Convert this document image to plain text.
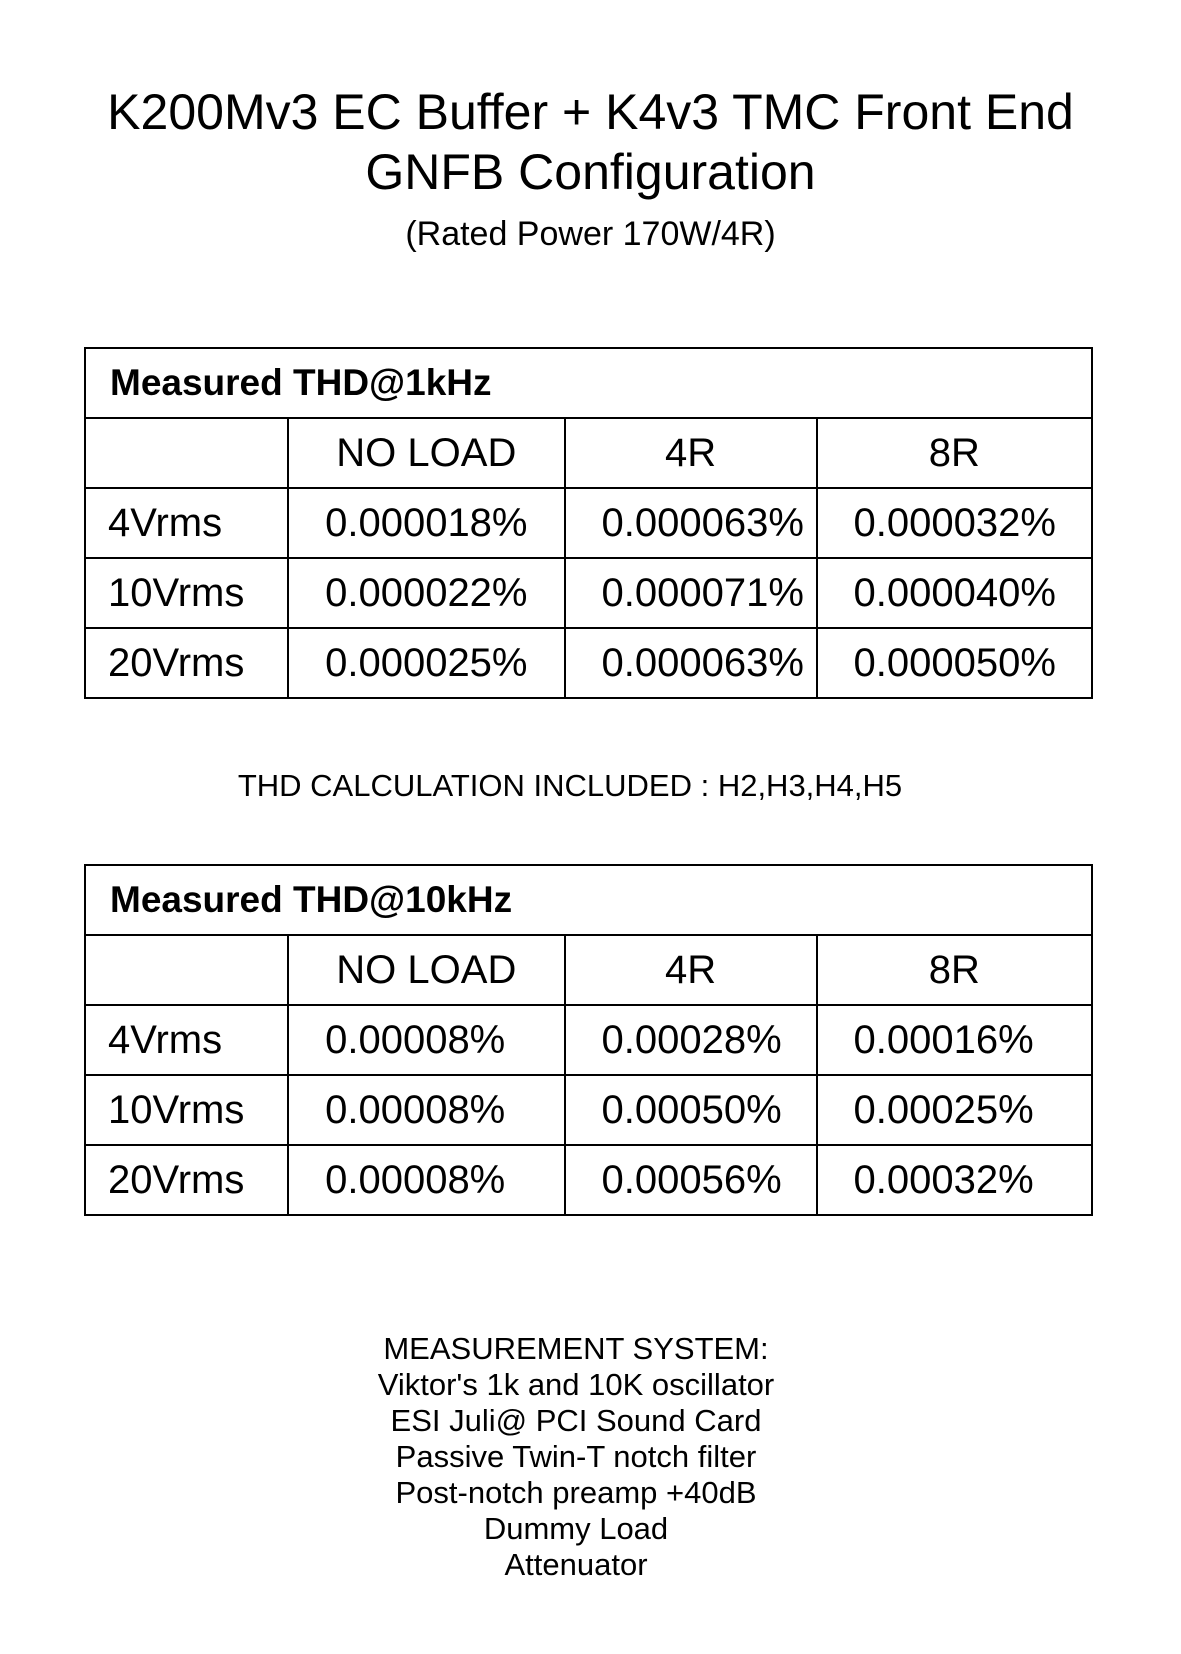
K200Mv3 EC Buffer + K4v3 TMC Front End
GNFB Configuration
(Rated Power 170W/4R)
Measured THD@1kHz			
	NO LOAD	4R	8R
4Vrms	0.000018%	0.000063%	0.000032%
10Vrms	0.000022%	0.000071%	0.000040%
20Vrms	0.000025%	0.000063%	0.000050%
THD CALCULATION INCLUDED : H2,H3,H4,H5
Measured THD@10kHz			
	NO LOAD	4R	8R
4Vrms	0.00008%	0.00028%	0.00016%
10Vrms	0.00008%	0.00050%	0.00025%
20Vrms	0.00008%	0.00056%	0.00032%
MEASUREMENT SYSTEM:
Viktor's 1k and 10K oscillator
ESI Juli@ PCI Sound Card
Passive Twin-T notch filter
Post-notch preamp +40dB
Dummy Load
Attenuator
